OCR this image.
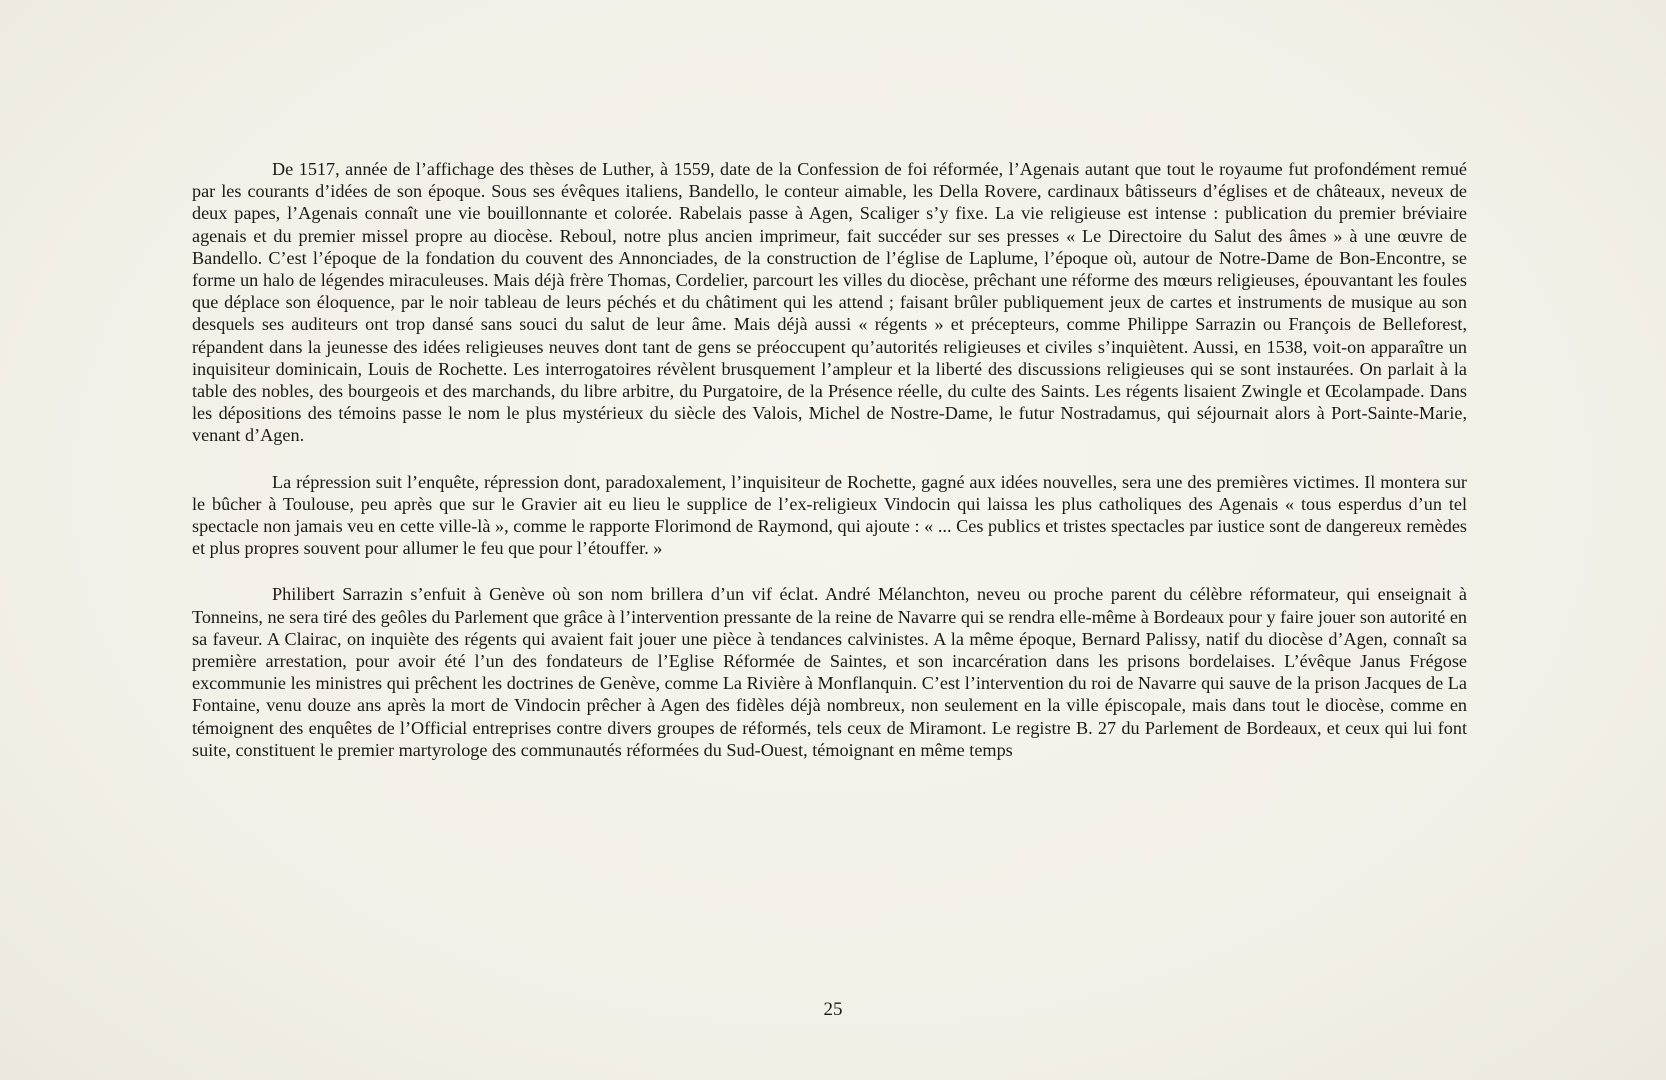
De 1517, année de l’affichage des thèses de Luther, à 1559, date de la Confession de foi réformée, l’Agenais autant que tout le royaume fut profondément remué par les courants d’idées de son époque. Sous ses évêques italiens, Bandello, le conteur aimable, les Della Rovere, cardinaux bâtisseurs d’églises et de châteaux, neveux de deux papes, l’Agenais connaît une vie bouillonnante et colorée. Rabelais passe à Agen, Scaliger s’y fixe. La vie religieuse est intense : publication du premier bréviaire agenais et du premier missel propre au diocèse. Reboul, notre plus ancien imprimeur, fait succéder sur ses presses « Le Directoire du Salut des âmes » à une œuvre de Bandello. C’est l’époque de la fondation du couvent des Annonciades, de la construction de l’église de Laplume, l’époque où, autour de Notre-Dame de Bon-Encontre, se forme un halo de légendes miraculeuses. Mais déjà frère Thomas, Cordelier, parcourt les villes du diocèse, prêchant une réforme des mœurs religieuses, épouvantant les foules que déplace son éloquence, par le noir tableau de leurs péchés et du châtiment qui les attend ; faisant brûler publiquement jeux de cartes et instruments de musique au son desquels ses auditeurs ont trop dansé sans souci du salut de leur âme. Mais déjà aussi « régents » et précepteurs, comme Philippe Sarrazin ou François de Belleforest, répandent dans la jeunesse des idées religieuses neuves dont tant de gens se préoccupent qu’autorités religieuses et civiles s’inquiètent. Aussi, en 1538, voit-on apparaître un inquisiteur dominicain, Louis de Rochette. Les interrogatoires révèlent brusquement l’ampleur et la liberté des discussions religieuses qui se sont instaurées. On parlait à la table des nobles, des bourgeois et des marchands, du libre arbitre, du Purgatoire, de la Présence réelle, du culte des Saints. Les régents lisaient Zwingle et Œcolampade. Dans les dépositions des témoins passe le nom le plus mystérieux du siècle des Valois, Michel de Nostre-Dame, le futur Nostradamus, qui séjournait alors à Port-Sainte-Marie, venant d’Agen.

La répression suit l’enquête, répression dont, paradoxalement, l’inquisiteur de Rochette, gagné aux idées nouvelles, sera une des premières victimes. Il montera sur le bûcher à Toulouse, peu après que sur le Gravier ait eu lieu le supplice de l’ex-religieux Vindocin qui laissa les plus catholiques des Agenais « tous esperdus d’un tel spectacle non jamais veu en cette ville-là », comme le rapporte Florimond de Raymond, qui ajoute : « ... Ces publics et tristes spectacles par iustice sont de dangereux remèdes et plus propres souvent pour allumer le feu que pour l’étouffer. »

Philibert Sarrazin s’enfuit à Genève où son nom brillera d’un vif éclat. André Mélanchton, neveu ou proche parent du célèbre réformateur, qui enseignait à Tonneins, ne sera tiré des geôles du Parlement que grâce à l’intervention pressante de la reine de Navarre qui se rendra elle-même à Bordeaux pour y faire jouer son autorité en sa faveur. A Clairac, on inquiète des régents qui avaient fait jouer une pièce à tendances calvinistes. A la même époque, Bernard Palissy, natif du diocèse d’Agen, connaît sa première arrestation, pour avoir été l’un des fondateurs de l’Eglise Réformée de Saintes, et son incarcération dans les prisons bordelaises. L’évêque Janus Frégose excommunie les ministres qui prêchent les doctrines de Genève, comme La Rivière à Monflanquin. C’est l’intervention du roi de Navarre qui sauve de la prison Jacques de La Fontaine, venu douze ans après la mort de Vindocin prêcher à Agen des fidèles déjà nombreux, non seulement en la ville épiscopale, mais dans tout le diocèse, comme en témoignent des enquêtes de l’Official entreprises contre divers groupes de réformés, tels ceux de Miramont. Le registre B. 27 du Parlement de Bordeaux, et ceux qui lui font suite, constituent le premier martyrologe des communautés réformées du Sud-Ouest, témoignant en même temps

25
